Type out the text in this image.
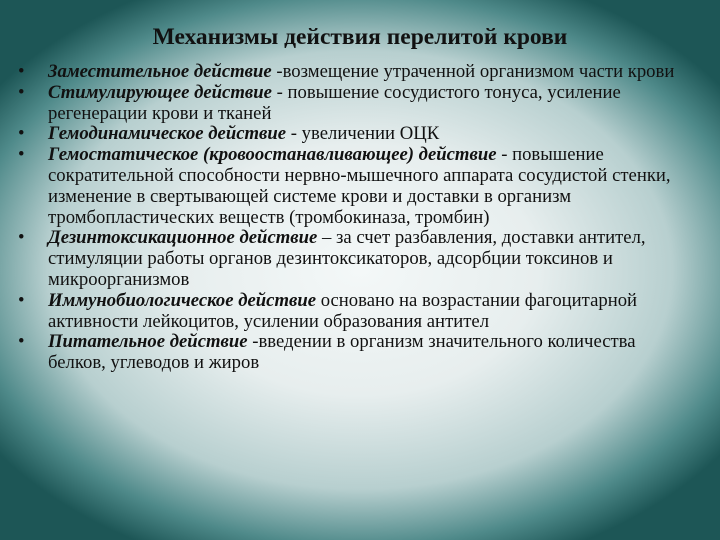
Механизмы действия перелитой крови
•	Заместительное действие -возмещение утраченной организмом части крови
•	Стимулирующее действие - повышение сосудистого тонуса, усиление регенерации крови и тканей
•	Гемодинамическое действие - увеличении ОЦК
•	Гемостатическое (кровоостанавливающее) действие - повышение сократительной способности нервно-мышечного аппарата сосудистой стенки, изменение в свертывающей системе крови и доставки в организм тромбопластических веществ (тромбокиназа, тромбин)
•	Дезинтоксикационное действие – за счет разбавления, доставки антител, стимуляции работы органов дезинтоксикаторов, адсорбции токсинов и микроорганизмов
•	Иммунобиологическое действие основано на возрастании фагоцитарной активности лейкоцитов, усилении образования антител
•	Питательное действие -введении в организм значительного количества белков, углеводов и жиров
